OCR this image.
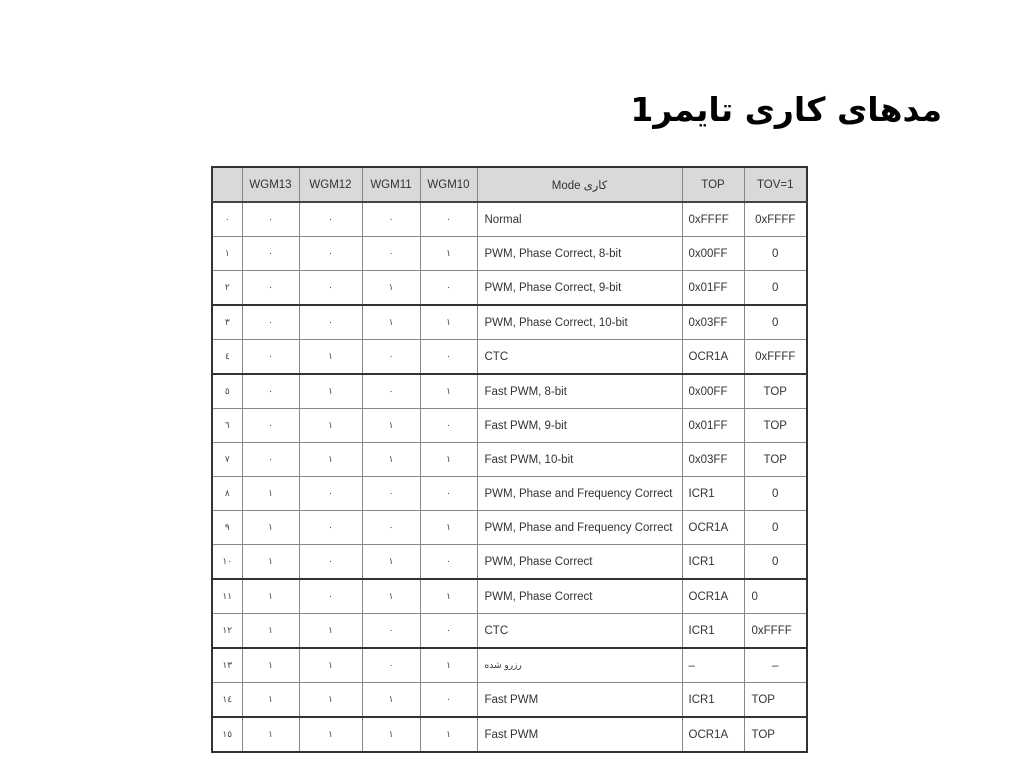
مدهای کاری تایمر1
	WGM13	WGM12	WGM11	WGM10	Mode کاری	TOP	TOV=1
۰	۰	۰	۰	۰	Normal	0xFFFF	0xFFFF
۱	۰	۰	۰	۱	PWM, Phase Correct, 8-bit	0x00FF	0
۲	۰	۰	۱	۰	PWM, Phase Correct, 9-bit	0x01FF	0
۳	۰	۰	۱	۱	PWM, Phase Correct, 10-bit	0x03FF	0
٤	۰	۱	۰	۰	CTC	OCR1A	0xFFFF
٥	۰	۱	۰	۱	Fast PWM, 8-bit	0x00FF	TOP
٦	۰	۱	۱	۰	Fast PWM, 9-bit	0x01FF	TOP
۷	۰	۱	۱	۱	Fast PWM, 10-bit	0x03FF	TOP
۸	۱	۰	۰	۰	PWM, Phase and Frequency Correct	ICR1	0
۹	۱	۰	۰	۱	PWM, Phase and Frequency Correct	OCR1A	0
۱۰	۱	۰	۱	۰	PWM, Phase Correct	ICR1	0
۱۱	۱	۰	۱	۱	PWM, Phase Correct	OCR1A	0
۱۲	۱	۱	۰	۰	CTC	ICR1	0xFFFF
۱۳	۱	۱	۰	۱	رزرو شده	–	–
۱٤	۱	۱	۱	۰	Fast PWM	ICR1	TOP
۱٥	۱	۱	۱	۱	Fast PWM	OCR1A	TOP
